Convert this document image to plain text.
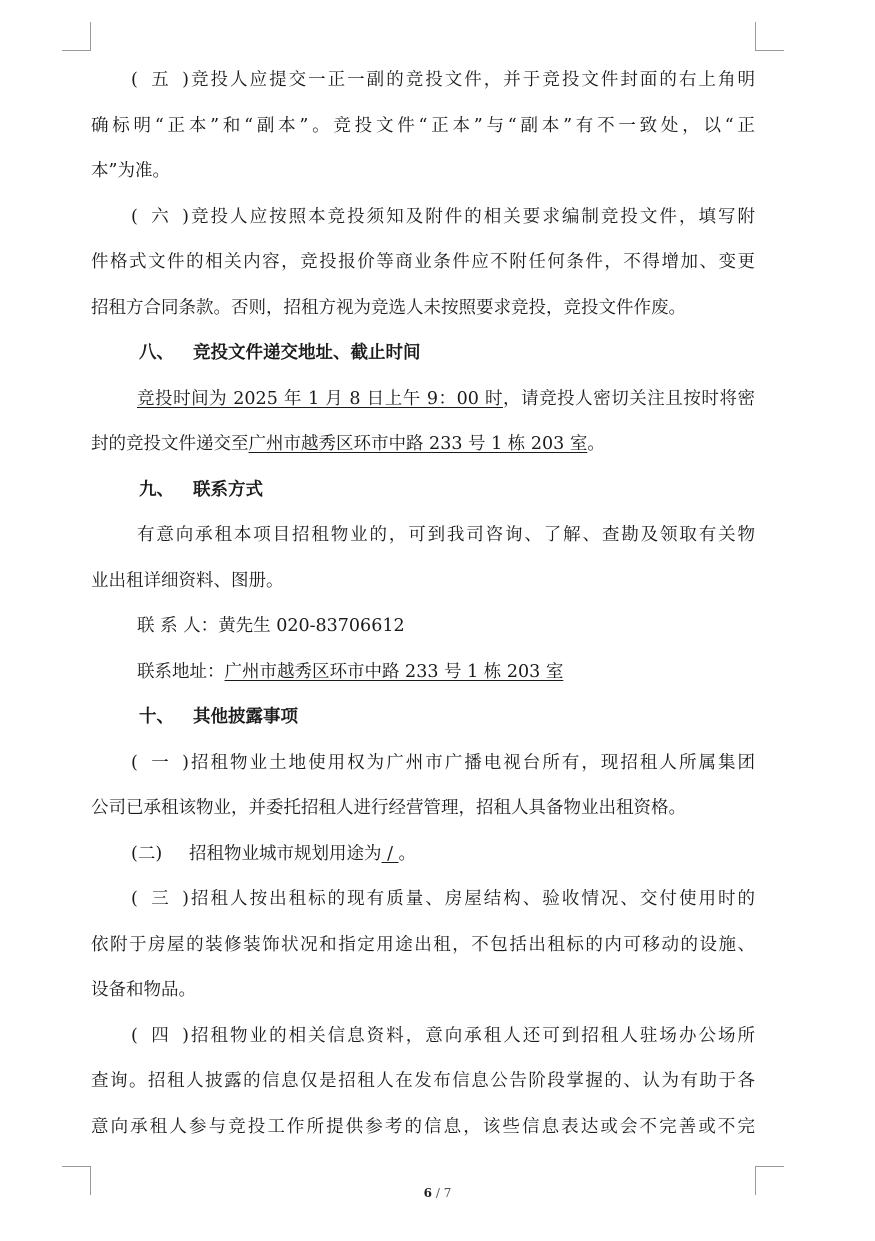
(五)竞投人应提交一正一副的竞投文件，并于竞投文件封面的右上角明
确标明“正本”和“副本”。竞投文件“正本”与“副本”有不一致处，以“正
本”为准。
(六)竞投人应按照本竞投须知及附件的相关要求编制竞投文件，填写附
件格式文件的相关内容，竞投报价等商业条件应不附任何条件，不得增加、变更
招租方合同条款。否则，招租方视为竞选人未按照要求竞投，竞投文件作废。
八、 竞投文件递交地址、截止时间
竞投时间为 2025 年 1 月 8 日上午 9：00 时，请竞投人密切关注且按时将密
封的竞投文件递交至广州市越秀区环市中路 233 号 1 栋 203 室。
九、 联系方式
有意向承租本项目招租物业的，可到我司咨询、了解、查勘及领取有关物
业出租详细资料、图册。
联 系 人：黄先生 020-83706612
联系地址：广州市越秀区环市中路 233 号 1 栋 203 室
十、 其他披露事项
(一)招租物业土地使用权为广州市广播电视台所有，现招租人所属集团
公司已承租该物业，并委托招租人进行经营管理，招租人具备物业出租资格。
(二) 招租物业城市规划用途为 / 。
(三)招租人按出租标的现有质量、房屋结构、验收情况、交付使用时的
依附于房屋的装修装饰状况和指定用途出租，不包括出租标的内可移动的设施、
设备和物品。
(四)招租物业的相关信息资料，意向承租人还可到招租人驻场办公场所
查询。招租人披露的信息仅是招租人在发布信息公告阶段掌握的、认为有助于各
意向承租人参与竞投工作所提供参考的信息，该些信息表达或会不完善或不完
6 / 7
